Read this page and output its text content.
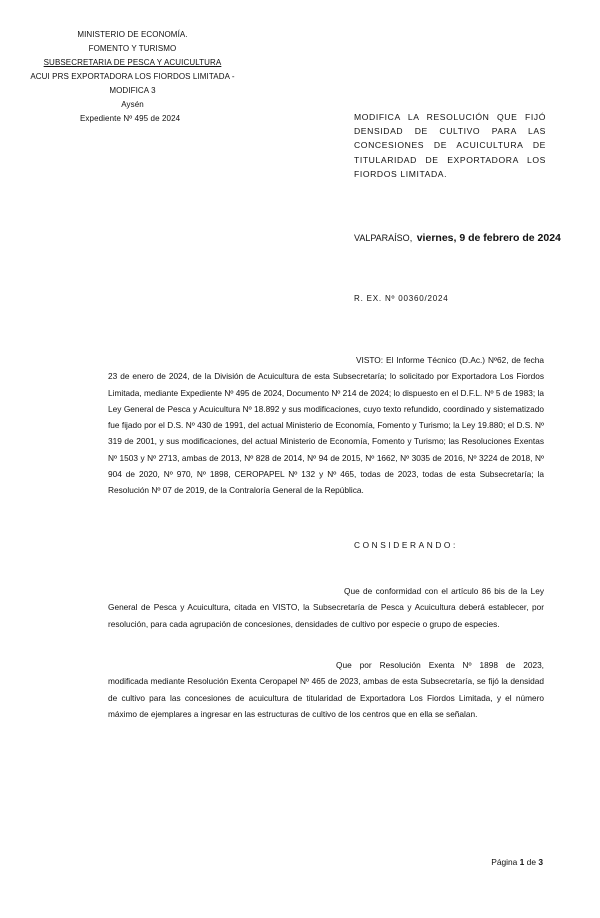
MINISTERIO DE ECONOMÍA.
FOMENTO Y TURISMO
SUBSECRETARIA DE PESCA Y ACUICULTURA
ACUI PRS EXPORTADORA LOS FIORDOS LIMITADA - MODIFICA 3
Aysén
Expediente Nº 495 de 2024	MODIFICA LA RESOLUCIÓN QUE FIJÓ DENSIDAD DE CULTIVO PARA LAS CONCESIONES DE ACUICULTURA DE TITULARIDAD DE EXPORTADORA LOS FIORDOS LIMITADA.
VALPARAÍSO, viernes, 9 de febrero de 2024
R. EX. Nº 00360/2024
VISTO: El Informe Técnico (D.Ac.) Nº62, de fecha 23 de enero de 2024, de la División de Acuicultura de esta Subsecretaría; lo solicitado por Exportadora Los Fiordos Limitada, mediante Expediente Nº 495 de 2024, Documento Nº 214 de 2024; lo dispuesto en el D.F.L. Nº 5 de 1983; la Ley General de Pesca y Acuicultura Nº 18.892 y sus modificaciones, cuyo texto refundido, coordinado y sistematizado fue fijado por el D.S. Nº 430 de 1991, del actual Ministerio de Economía, Fomento y Turismo; la Ley 19.880; el D.S. Nº 319 de 2001, y sus modificaciones, del actual Ministerio de Economía, Fomento y Turismo; las Resoluciones Exentas Nº 1503 y Nº 2713, ambas de 2013, Nº 828 de 2014, Nº 94 de 2015, Nº 1662, Nº 3035 de 2016, Nº 3224 de 2018, Nº 904 de 2020, Nº 970, Nº 1898, CEROPAPEL Nº 132 y Nº 465, todas de 2023, todas de esta Subsecretaría; la Resolución Nº 07 de 2019, de la Contraloría General de la República.
CONSIDERANDO:
Que de conformidad con el artículo 86 bis de la Ley General de Pesca y Acuicultura, citada en VISTO, la Subsecretaría de Pesca y Acuicultura deberá establecer, por resolución, para cada agrupación de concesiones, densidades de cultivo por especie o grupo de especies.
Que por Resolución Exenta Nº 1898 de 2023, modificada mediante Resolución Exenta Ceropapel Nº 465 de 2023, ambas de esta Subsecretaría, se fijó la densidad de cultivo para las concesiones de acuicultura de titularidad de Exportadora Los Fiordos Limitada, y el número máximo de ejemplares a ingresar en las estructuras de cultivo de los centros que en ella se señalan.
Página 1 de 3
